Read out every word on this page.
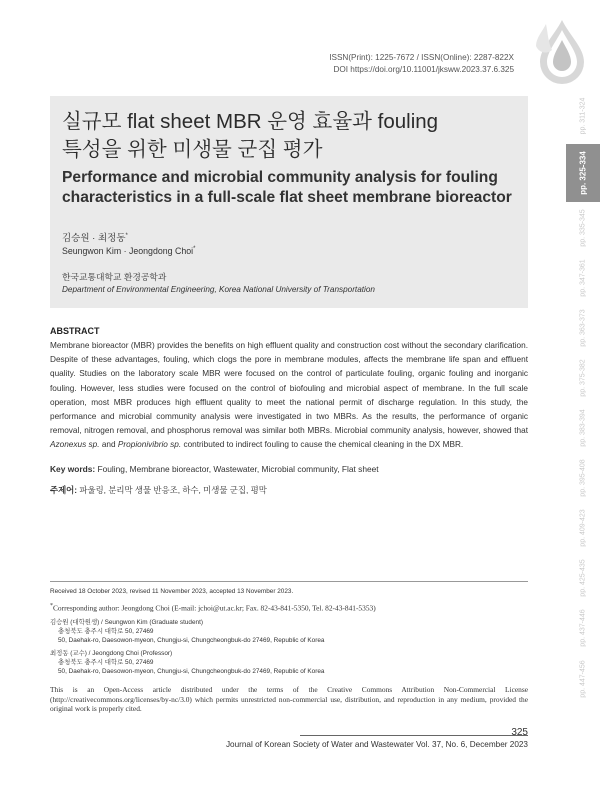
ISSN(Print): 1225-7672 / ISSN(Online): 2287-822X
DOI https://doi.org/10.11001/jksww.2023.37.6.325
pp. 311-324
pp. 325-334
pp. 335-345
pp. 347-361
pp. 363-373
pp. 375-382
pp. 383-394
pp. 395-408
pp. 409-423
pp. 425-435
pp. 437-446
pp. 447-456
실규모 flat sheet MBR 운영 효율과 fouling
특성을 위한 미생물 군집 평가
Performance and microbial community analysis for fouling
characteristics in a full-scale flat sheet membrane bioreactor
김승원 · 최정동*
Seungwon Kim · Jeongdong Choi*
한국교통대학교 환경공학과
Department of Environmental Engineering, Korea National University of Transportation
ABSTRACT
Membrane bioreactor (MBR) provides the benefits on high effluent quality and construction cost without the secondary clarification. Despite of these advantages, fouling, which clogs the pore in membrane modules, affects the membrane life span and effluent quality. Studies on the laboratory scale MBR were focused on the control of particulate fouling, organic fouling and inorganic fouling. However, less studies were focused on the control of biofouling and microbial aspect of membrane. In the full scale operation, most MBR produces high effluent quality to meet the national permit of discharge regulation. In this study, the performance and microbial community analysis were investigated in two MBRs. As the results, the performance of organic removal, nitrogen removal, and phosphorus removal was similar both MBRs. Microbial community analysis, however, showed that Azonexus sp. and Propionivibrio sp. contributed to indirect fouling to cause the chemical cleaning in the DX MBR.
Key words: Fouling, Membrane bioreactor, Wastewater, Microbial community, Flat sheet
주제어: 파울링, 분리막 생물 반응조, 하수, 미생물 군집, 평막
Received 18 October 2023, revised 11 November 2023, accepted 13 November 2023.
*Corresponding author: Jeongdong Choi (E-mail: jchoi@ut.ac.kr; Fax. 82-43-841-5350, Tel. 82-43-841-5353)
김승원 (대학원생) / Seungwon Kim (Graduate student)
충청북도 충주시 대학로 50, 27469
50, Daehak-ro, Daesowon-myeon, Chungju-si, Chungcheongbuk-do 27469, Republic of Korea
최정동 (교수) / Jeongdong Choi (Professor)
충청북도 충주시 대학로 50, 27469
50, Daehak-ro, Daesowon-myeon, Chungju-si, Chungcheongbuk-do 27469, Republic of Korea
This is an Open-Access article distributed under the terms of the Creative Commons Attribution Non-Commercial License (http://creativecommons.org/licenses/by-nc/3.0) which permits unrestricted non-commercial use, distribution, and reproduction in any medium, provided the original work is properly cited.
325
Journal of Korean Society of Water and Wastewater Vol. 37, No. 6, December 2023
